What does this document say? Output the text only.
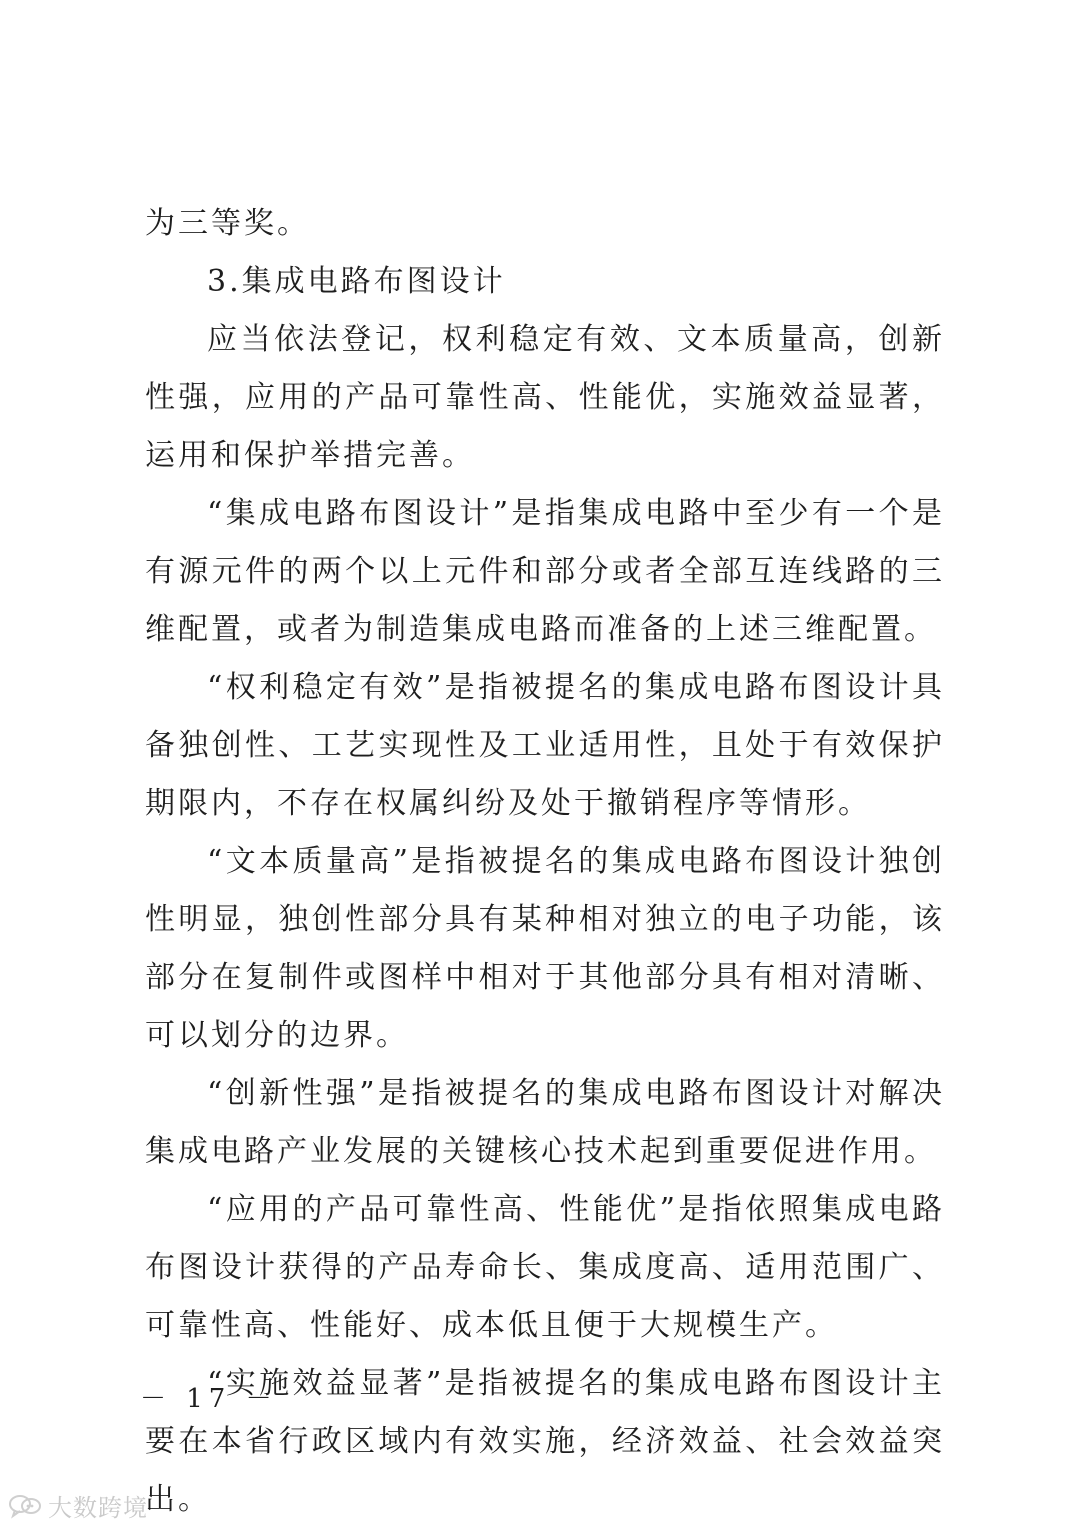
为三等奖。

3.集成电路布图设计

应当依法登记，权利稳定有效、文本质量高，创新性强，应用的产品可靠性高、性能优，实施效益显著，运用和保护举措完善。

“集成电路布图设计”是指集成电路中至少有一个是有源元件的两个以上元件和部分或者全部互连线路的三维配置，或者为制造集成电路而准备的上述三维配置。

“权利稳定有效”是指被提名的集成电路布图设计具备独创性、工艺实现性及工业适用性，且处于有效保护期限内，不存在权属纠纷及处于撤销程序等情形。

“文本质量高”是指被提名的集成电路布图设计独创性明显，独创性部分具有某种相对独立的电子功能，该部分在复制件或图样中相对于其他部分具有相对清晰、可以划分的边界。

“创新性强”是指被提名的集成电路布图设计对解决集成电路产业发展的关键核心技术起到重要促进作用。

“应用的产品可靠性高、性能优”是指依照集成电路布图设计获得的产品寿命长、集成度高、适用范围广、可靠性高、性能好、成本低且便于大规模生产。

“实施效益显著”是指被提名的集成电路布图设计主要在本省行政区域内有效实施，经济效益、社会效益突出。

－ 17 －
大数跨境
